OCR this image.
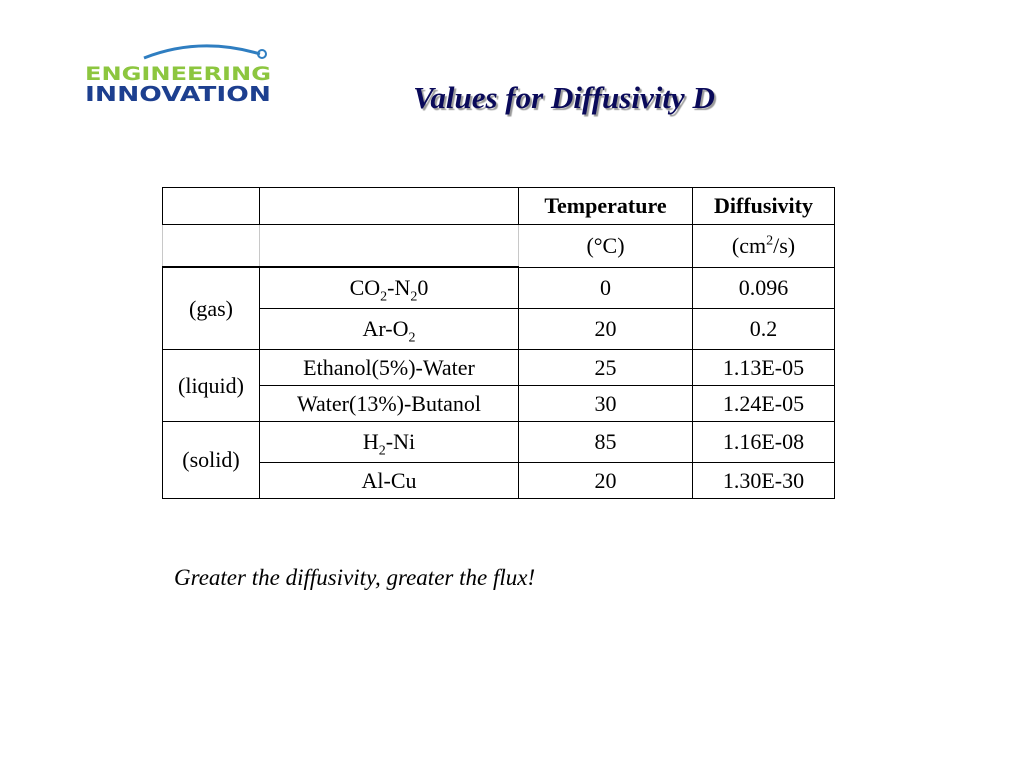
ENGINEERING
INNOVATION	Values for Diffusivity D
		Temperature	Diffusivity
		(°C)	$(cm^2/s)$
(gas)	$CO_2-N_20$	0	0.096
	$Ar-O_2$	20	0.2
(liquid)	Ethanol(5%)-Water	25	1.13E-05
	Water(13%)-Butanol	30	1.24E-05
(solid)	$H_2-Ni$	85	1.16E-08
	Al-Cu	20	1.30E-30
Greater the diffusivity, greater the flux!
